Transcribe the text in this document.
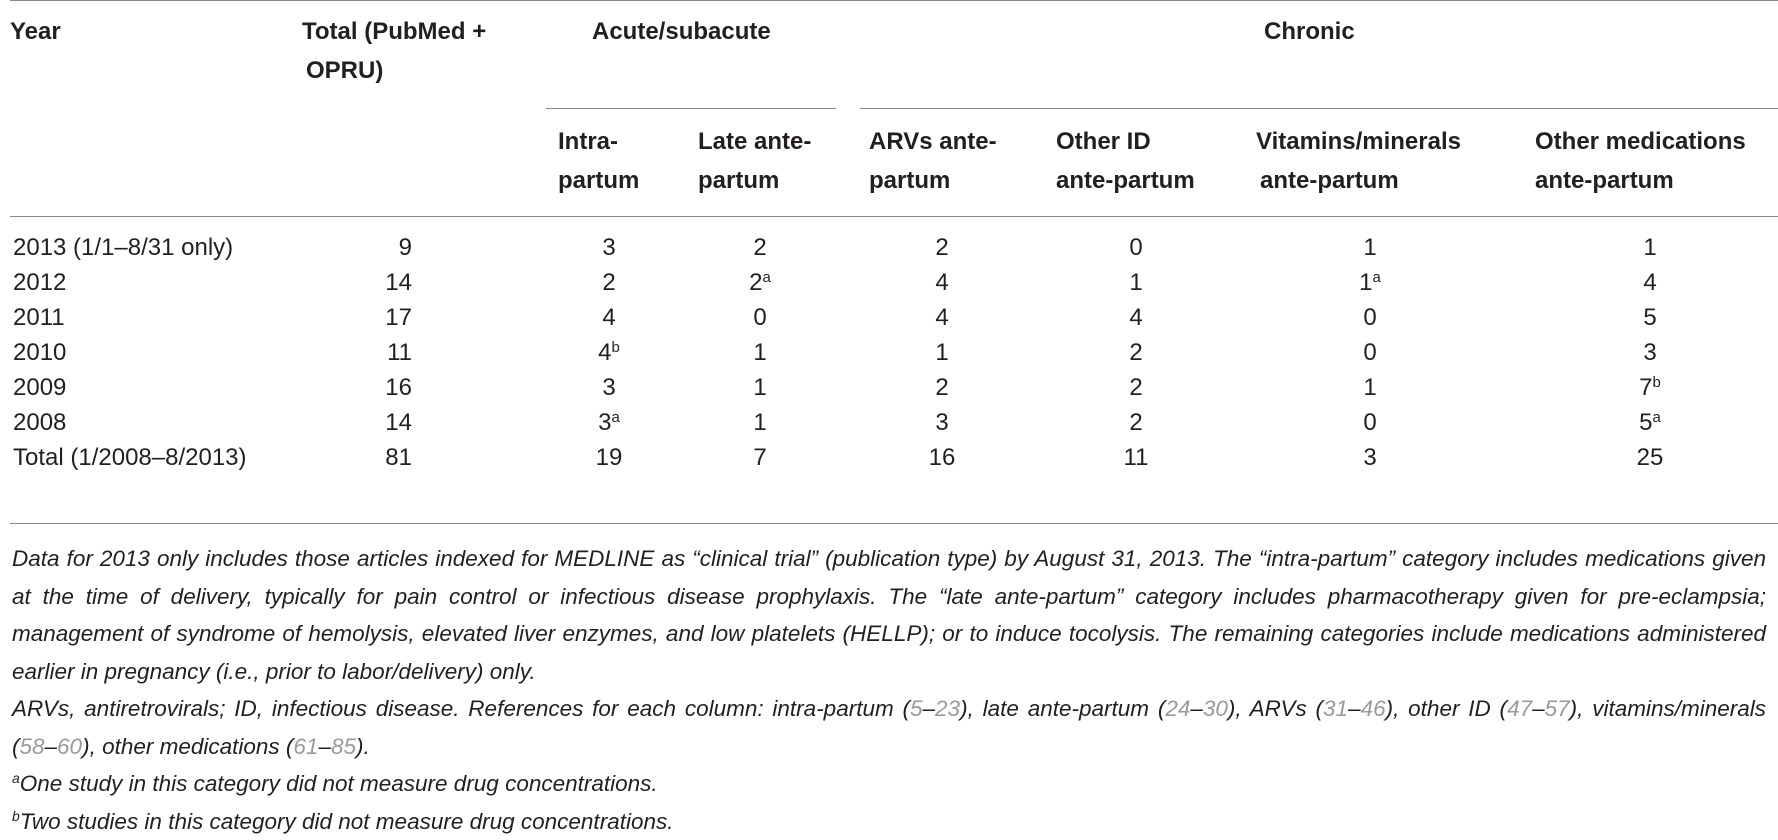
Year	Total (PubMed +
OPRU)
Acute/subacute	Chronic
Intra-
partum
Late ante-
partum
ARVs ante-
partum
Other ID
ante-partum
Vitamins/minerals
ante-partum
Other medications
ante-partum
2013 (1/1–8/31 only)	9	3	2	2	0	1	1
2012	14	2	2$^a$	4	1	1$^a$	4
2011	17	4	0	4	4	0	5
2010	11	4$^b$	1	1	2	0	3
2009	16	3	1	2	2	1	7$^b$
2008	14	3$^a$	1	3	2	0	5$^a$
Total (1/2008–8/2013)	81	19	7	16	11	3	25

Data for 2013 only includes those articles indexed for MEDLINE as “clinical trial” (publication type) by August 31, 2013. The “intra-partum” category includes medications given at the time of delivery, typically for pain control or infectious disease prophylaxis. The “late ante-partum” category includes pharmacotherapy given for pre-eclampsia; management of syndrome of hemolysis, elevated liver enzymes, and low platelets (HELLP); or to induce tocolysis. The remaining categories include medications administered earlier in pregnancy (i.e., prior to labor/delivery) only.

ARVs, antiretrovirals; ID, infectious disease. References for each column: intra-partum (5–23), late ante-partum (24–30), ARVs (31–46), other ID (47–57), vitamins/minerals (58–60), other medications (61–85).

$^a$One study in this category did not measure drug concentrations.

$^b$Two studies in this category did not measure drug concentrations.
